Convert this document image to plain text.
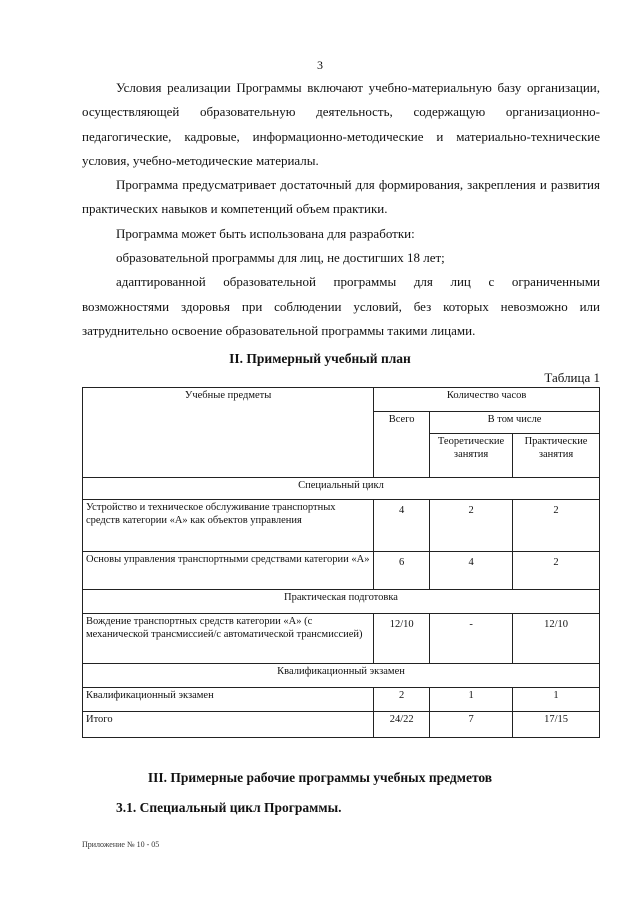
3

Условия реализации Программы включают учебно-материальную базу организации, осуществляющей образовательную деятельность, содержащую организационно-педагогические, кадровые, информационно-методические и материально-технические условия, учебно-методические материалы.

Программа предусматривает достаточный для формирования, закрепления и развития практических навыков и компетенций объем практики.

Программа может быть использована для разработки:

образовательной программы для лиц, не достигших 18 лет;

адаптированной образовательной программы для лиц с ограниченными возможностями здоровья при соблюдении условий, без которых невозможно или затруднительно освоение образовательной программы такими лицами.

II. Примерный учебный план
Таблица 1
Учебные предметы	Количество часов		
	Всего	В том числе	
		Теоретические занятия	Практические занятия
Специальный цикл			
Устройство и техническое обслуживание транспортных средств категории «А» как объектов управления	4	2	2
Основы управления транспортными средствами категории «А»	6	4	2
Практическая подготовка			
Вождение транспортных средств категории «А» (с механической трансмиссией/с автоматической трансмиссией)	12/10	-	12/10
Квалификационный экзамен			
Квалификационный экзамен	2	1	1
Итого	24/22	7	17/15
III. Примерные рабочие программы учебных предметов
3.1. Специальный цикл Программы.
Приложение № 10 - 05
